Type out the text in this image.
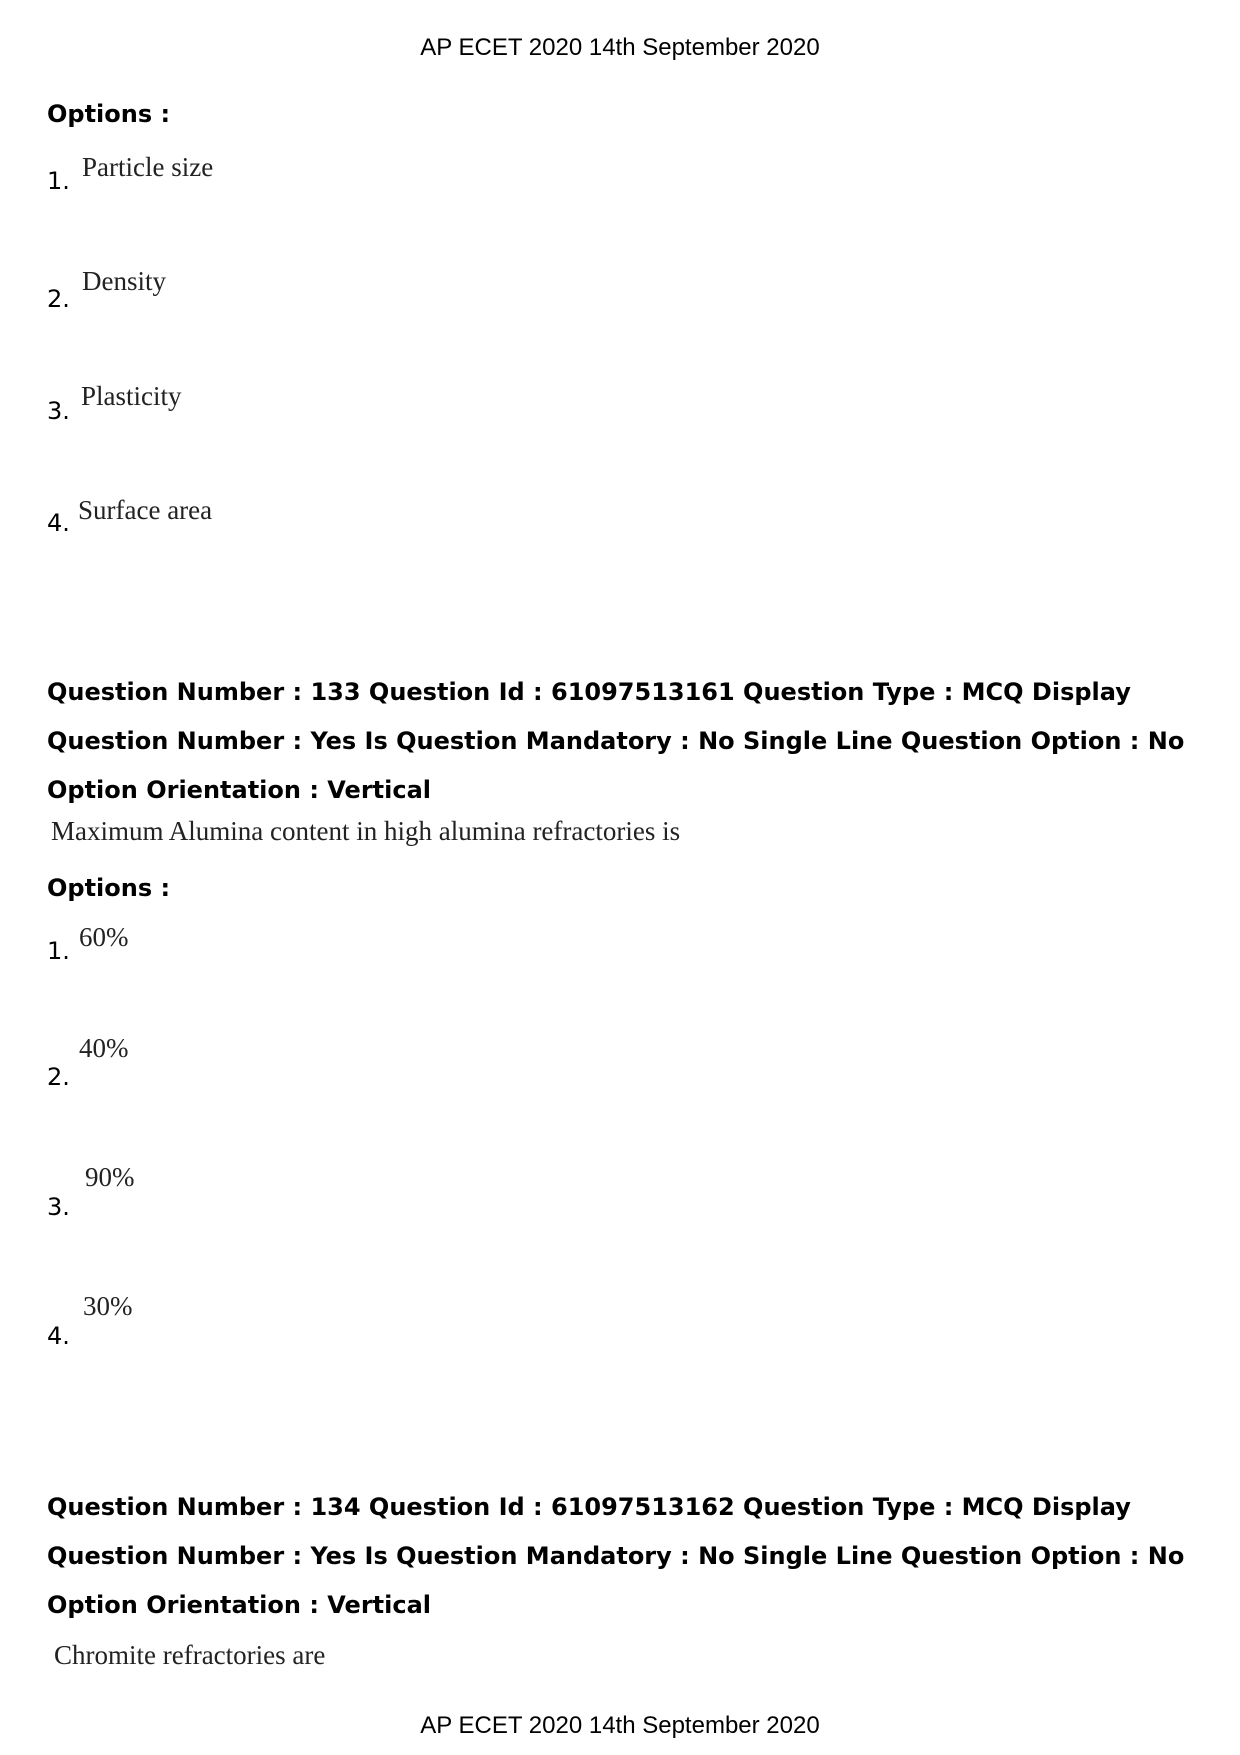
AP ECET 2020 14th September 2020
Options :
1. Particle size
2.
Density
3. Plasticity
4. Surface area
Question Number : 133 Question Id : 61097513161 Question Type : MCQ Display Question Number : Yes Is Question Mandatory : No Single Line Question Option : No Option Orientation : Vertical
Maximum Alumina content in high alumina refractories is
Options :
1. 60%
2.
40%
3.
90%
4.
30%
Question Number : 134 Question Id : 61097513162 Question Type : MCQ Display Question Number : Yes Is Question Mandatory : No Single Line Question Option : No Option Orientation : Vertical
Chromite refractories are
AP ECET 2020 14th September 2020
